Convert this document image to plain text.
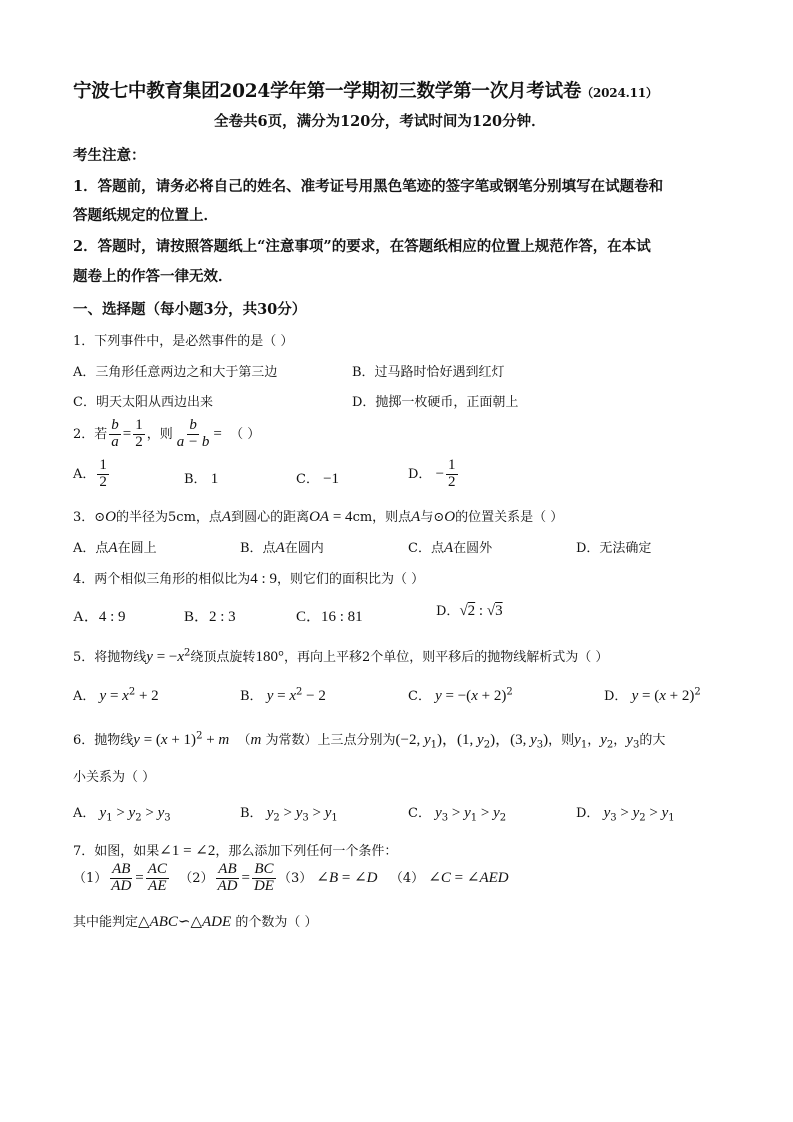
宁波七中教育集团2024学年第一学期初三数学第一次月考试卷（2024.11）
全卷共6页，满分为120分，考试时间为120分钟．
考生注意：
1．答题前，请务必将自己的姓名、准考证号用黑色笔迹的签字笔或钢笔分别填写在试题卷和
答题纸规定的位置上．
2．答题时，请按照答题纸上“注意事项”的要求，在答题纸相应的位置上规范作答，在本试
题卷上的作答一律无效．
一、选择题（每小题3分，共30分）
1．下列事件中，是必然事件的是（ ）
A．三角形任意两边之和大于第三边	B．过马路时恰好遇到红灯
C．明天太阳从西边出来	D．抛掷一枚硬币，正面朝上
2．若 $\frac{b}{a} = \frac{1}{2}$ ，则 $\frac{b}{a - b}$ = （ ）
A． $\frac{1}{2}$	B． 1	C． −1	D． − $\frac{1}{2}$
3．⊙O的半径为5cm，点A到圆心的距离OA = 4cm，则点A与⊙O的位置关系是（ ）
A．点A在圆上	B．点A在圆内	C．点A在圆外	D．无法确定
4．两个相似三角形的相似比为4 : 9，则它们的面积比为（ ）
A．4 : 9	B．2 : 3	C．16 : 81	D．√2 : √3
5．将抛物线$y = -x^2$绕顶点旋转180°，再向上平移2个单位，则平移后的抛物线解析式为（ ）
A． $y = x^2 + 2$	B． $y = x^2 - 2$	C． $y = -(x + 2)^2$	D． $y = (x + 2)^2$
6．抛物线$y = (x + 1)^2 + m$ （m 为常数）上三点分别为(−2, $y_1$)，(1, $y_2$)，(3, $y_3$)，则$y_1$，$y_2$，$y_3$的大
小关系为（ ）
A． $y_1 > y_2 > y_3$	B． $y_2 > y_3 > y_1$	C． $y_3 > y_1 > y_2$	D． $y_3 > y_2 > y_1$
7．如图，如果∠1 = ∠2，那么添加下列任何一个条件：
$(1) \frac{AB}{AD} = \frac{AC}{AE} (2) \frac{AB}{AD} = \frac{BC}{DE} (3)$ ∠B = ∠D （4） ∠C = ∠AED
其中能判定△ABC∽△ADE 的个数为（ ）
